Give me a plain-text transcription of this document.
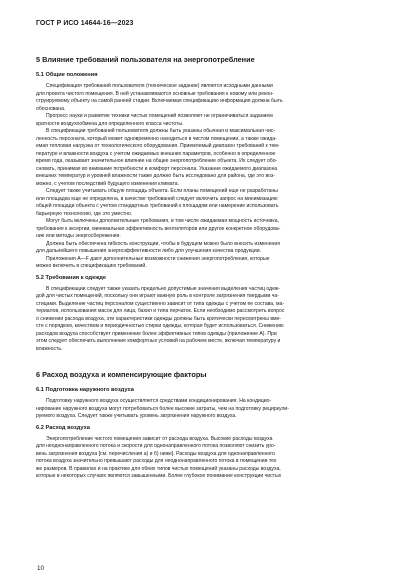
ГОСТ Р ИСО 14644-16—2023
5 Влияние требований пользователя на энергопотребление
5.1 Общие положения
Спецификация требований пользователя (техническое задание) является исходными данными
для проекта чистого помещения. В ней устанавливаются основные требования к новому или рекон-
струируемому объекту на самой ранней стадии. Включаемая спецификацию информация должна быть
обоснована.
Прогресс науки и развитие техники чистых помещений позволяют не ограничиваться заданием
кратности воздухообмена для определенного класса чистоты.
В спецификации требований пользователя должны быть указаны обычная и максимальная чис-
ленность персонала, который может одновременно находиться в чистом помещении, а также ожида-
емая тепловая нагрузка от технологического оборудования. Приемлемый диапазон требований к тем-
пературе и влажности воздуха с учетом ожидаемых внешних параметров, особенно в определенное
время года, оказывает значительное влияние на общее энергопотребление объекта. Их следует обо-
сновать, принимая во внимание потребности и комфорт персонала. Указание ожидаемого диапазона
внешних температур и уровней влажности также должно быть исследовано для района, где это воз-
можно, с учетом последствий будущего изменения климата.
Следует также учитывать общую площадь объекта. Если планы помещений еще не разработаны
или площадка еще не определена, в качестве требований следует включить запрос на минимизацию
общей площади объекта с учетом стандартных требований к площадям или намерение использовать
барьерную технологию, где это уместно.
Могут быть включены дополнительные требования, в том числе ожидаемая мощность источника,
требования к эксергии, минимальная эффективность вентиляторов или другое конкретное оборудова-
ние или методы энергосбережения.
Должна быть обеспечена гибкость конструкции, чтобы в будущем можно было вносить изменения
для дальнейшего повышения энергоэффективности либо для улучшения качества продукции.
Приложения А—F дают дополнительные возможности снижения энергопотребления, которые
можно включить в спецификацию требований.
5.2 Требования к одежде
В спецификации следует также указать предельно допустимые значения выделения частиц одеж-
дой для чистых помещений, поскольку они играют важную роль в контроле загрязнения твердыми ча-
стицами. Выделение частиц персоналом существенно зависит от типа одежды с учетом ее состава, ма-
териалов, использования масок для лица, бахил и типа перчаток. Если необходимо рассмотреть вопрос
о снижении расхода воздуха, эти характеристики одежды должны быть критически пересмотрены вме-
сте с порядком, качеством и периодичностью стирки одежды, которая будет использоваться. Снижению
расходов воздуха способствует применение более эффективных типов одежды (приложение А). При
этом следует обеспечить выполнение комфортных условий на рабочем месте, включая температуру и
влажность.
6 Расход воздуха и компенсирующие факторы
6.1 Подготовка наружного воздуха
Подготовку наружного воздуха осуществляется средствами кондиционирования. На кондицио-
нирование наружного воздуха могут потребоваться более высокие затраты, чем на подготовку рециркули-
руемого воздуха. Следует также учитывать уровень загрязнения наружного воздуха.
6.2 Расход воздуха
Энергопотребление чистого помещения зависит от расхода воздуха. Высокие расходы воздуха
для неоднонаправленного потока и скорости для однонаправленного потока позволяют снизить уро-
вень загрязнения воздуха [см. перечисления а) и б) ниже]. Расходы воздуха для однонаправленного
потока воздуха значительно превышают расходы для неоднонаправленного потока в помещении тех
же размеров. В правилах и на практике для обеих типов чистых помещений указаны расходы воздуха,
которые в некоторых случаях являются завышенными. Более глубокое понимание конструкции чистых
10
